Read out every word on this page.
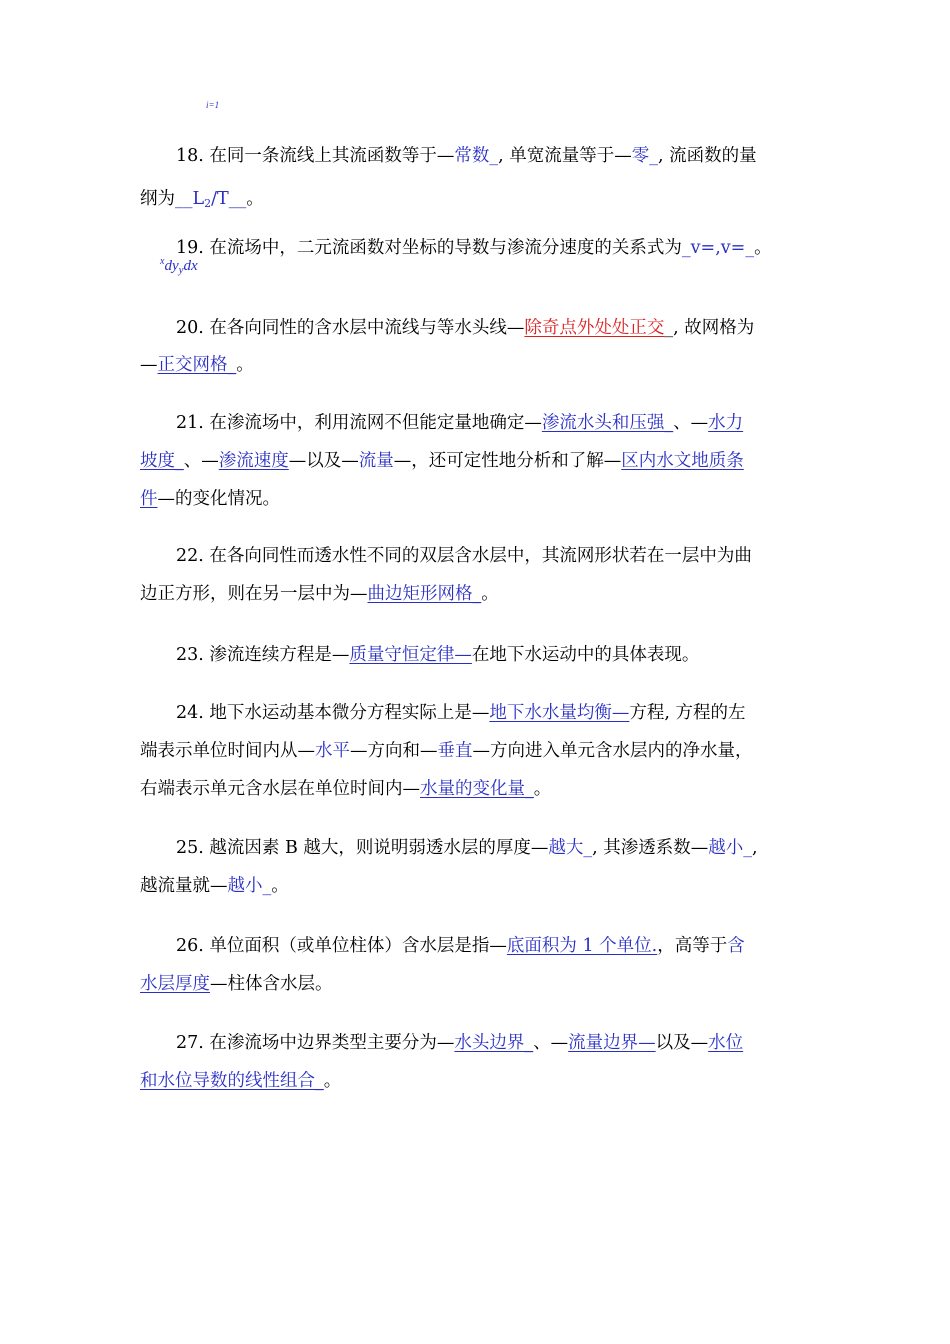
i=1
18. 在同一条流线上其流函数等于—常数_, 单宽流量等于—零_, 流函数的量
纲为$\_\_L_2/T\_\_$。
19. 在流场中，二元流函数对坐标的导数与渗流分速度的关系式为_v=,v=_。
$^xdy_ydx$
20. 在各向同性的含水层中流线与等水头线—除奇点外处处正交_, 故网格为
—正交网格_。
21. 在渗流场中，利用流网不但能定量地确定—渗流水头和压强_、—水力
坡度_、—渗流速度—以及—流量—，还可定性地分析和了解—区内水文地质条
件—的变化情况。
22. 在各向同性而透水性不同的双层含水层中，其流网形状若在一层中为曲
边正方形，则在另一层中为—曲边矩形网格_。
23. 渗流连续方程是—质量守恒定律—在地下水运动中的具体表现。
24. 地下水运动基本微分方程实际上是—地下水水量均衡—方程, 方程的左
端表示单位时间内从—水平—方向和—垂直—方向进入单元含水层内的净水量，
右端表示单元含水层在单位时间内—水量的变化量_。
25. 越流因素 B 越大，则说明弱透水层的厚度—越大_, 其渗透系数—越小_,
越流量就—越小_。
26. 单位面积（或单位柱体）含水层是指—底面积为 1 个单位.，高等于含
水层厚度—柱体含水层。
27. 在渗流场中边界类型主要分为—水头边界_、—流量边界—以及—水位
和水位导数的线性组合_。
